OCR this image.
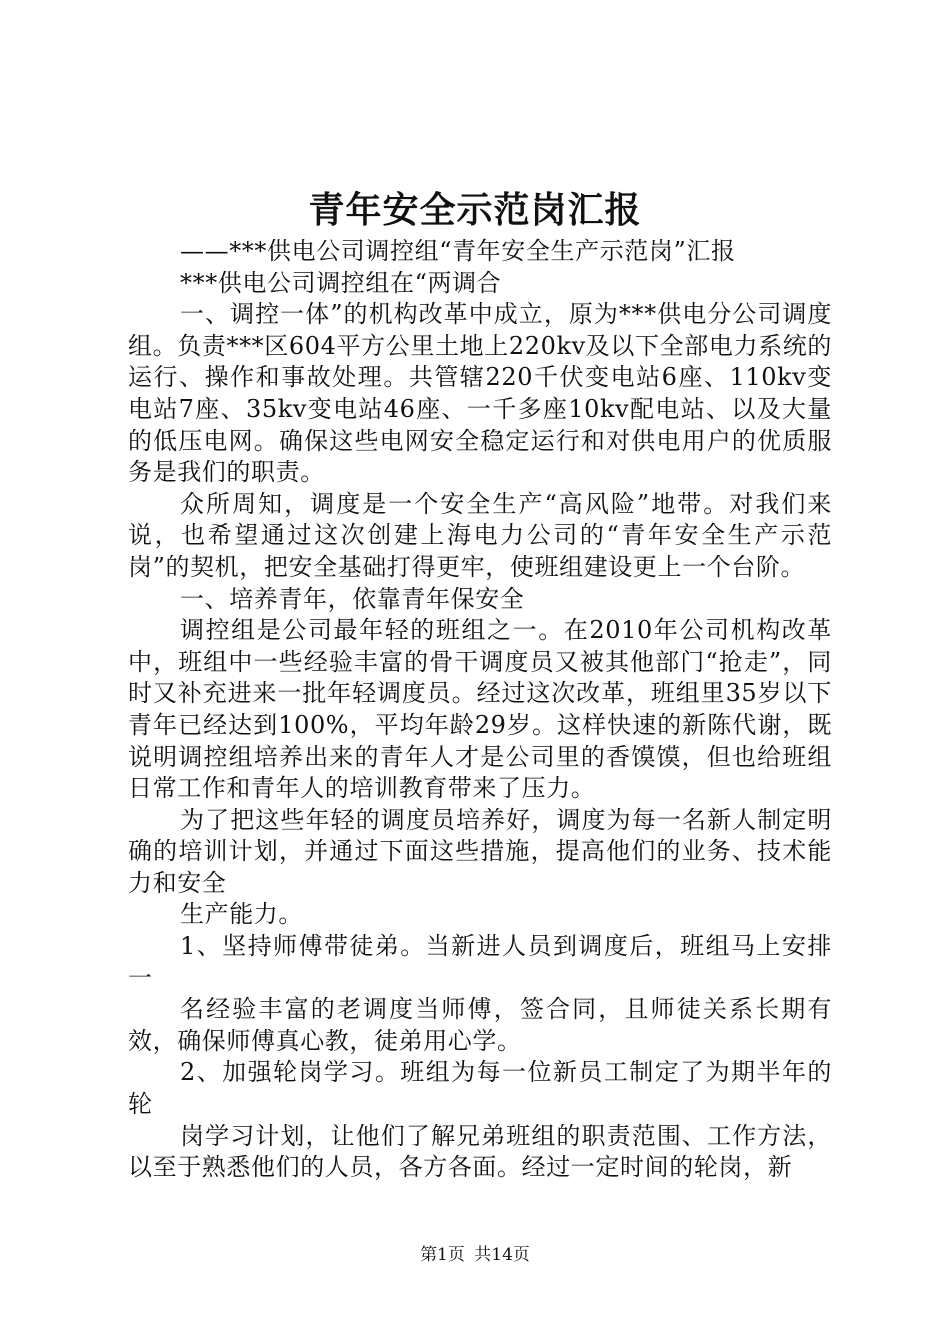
青年安全示范岗汇报

——***供电公司调控组“青年安全生产示范岗”汇报

***供电公司调控组在“两调合

一、调控一体”的机构改革中成立，原为***供电分公司调度组。负责***区604平方公里土地上220kv及以下全部电力系统的运行、操作和事故处理。共管辖220千伏变电站6座、110kv变电站7座、35kv变电站46座、一千多座10kv配电站、以及大量的低压电网。确保这些电网安全稳定运行和对供电用户的优质服务是我们的职责。

众所周知，调度是一个安全生产“高风险”地带。对我们来说，也希望通过这次创建上海电力公司的“青年安全生产示范岗”的契机，把安全基础打得更牢，使班组建设更上一个台阶。

一、培养青年，依靠青年保安全

调控组是公司最年轻的班组之一。在2010年公司机构改革中，班组中一些经验丰富的骨干调度员又被其他部门“抢走”，同时又补充进来一批年轻调度员。经过这次改革，班组里35岁以下青年已经达到100%，平均年龄29岁。这样快速的新陈代谢，既说明调控组培养出来的青年人才是公司里的香馍馍，但也给班组日常工作和青年人的培训教育带来了压力。

为了把这些年轻的调度员培养好，调度为每一名新人制定明确的培训计划，并通过下面这些措施，提高他们的业务、技术能力和安全

生产能力。

1、坚持师傅带徒弟。当新进人员到调度后，班组马上安排一

名经验丰富的老调度当师傅，签合同，且师徒关系长期有效，确保师傅真心教，徒弟用心学。

2、加强轮岗学习。班组为每一位新员工制定了为期半年的轮

岗学习计划，让他们了解兄弟班组的职责范围、工作方法，以至于熟悉他们的人员，各方各面。经过一定时间的轮岗，新

第1页 共14页
